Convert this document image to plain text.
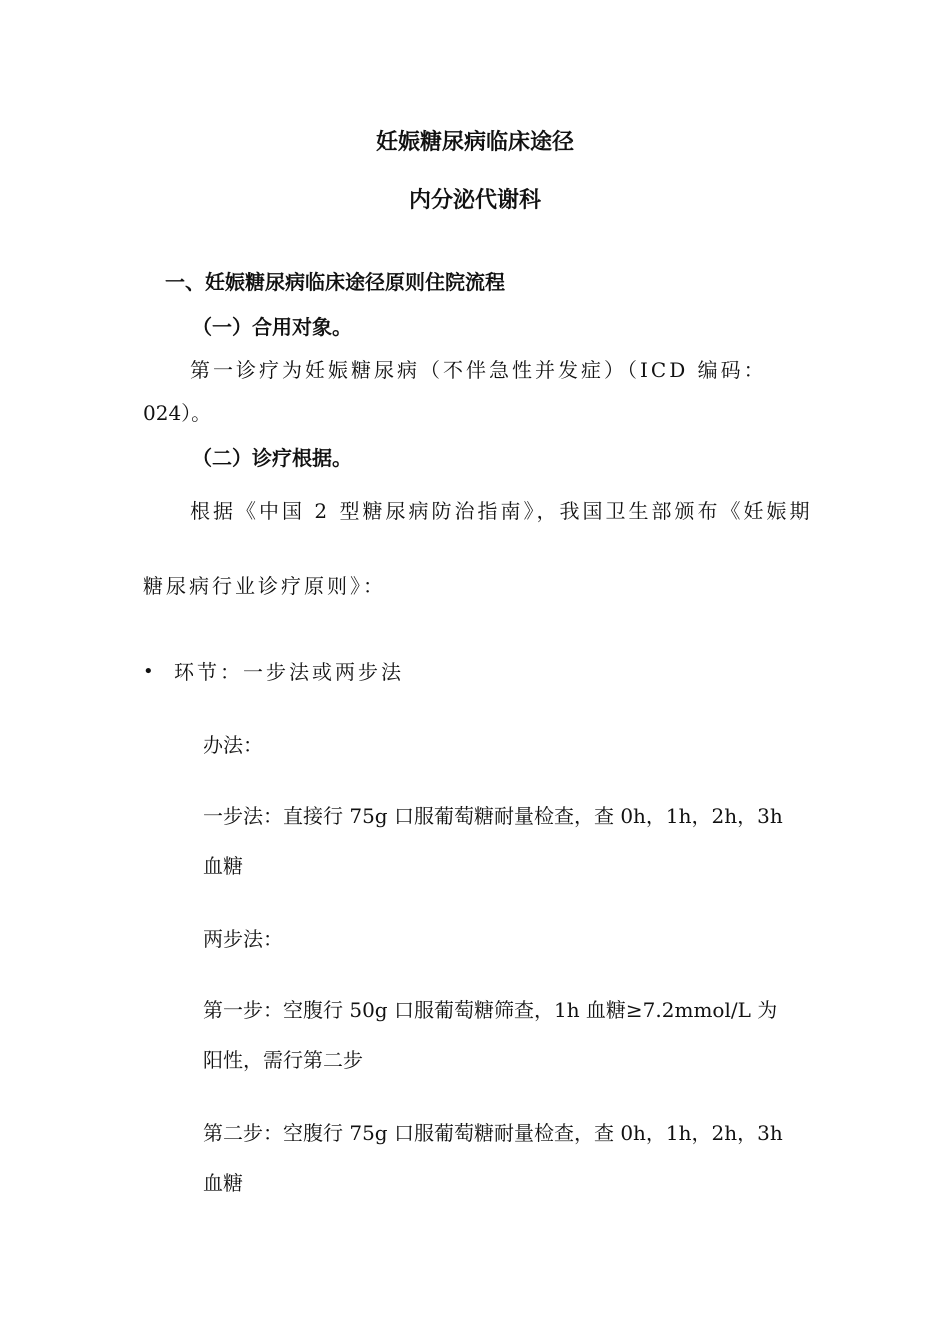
妊娠糖尿病临床途径
内分泌代谢科
一、妊娠糖尿病临床途径原则住院流程
（一）合用对象。
第一诊疗为妊娠糖尿病（不伴急性并发症）（ICD 编码：
024）。
（二）诊疗根据。
根据《中国 2 型糖尿病防治指南》，我国卫生部颁布《妊娠期
糖尿病行业诊疗原则》：
• 环节：一步法或两步法
办法：
一步法：直接行 75g 口服葡萄糖耐量检查，查 0h，1h，2h，3h
血糖
两步法：
第一步：空腹行 50g 口服葡萄糖筛查，1h 血糖≥7.2mmol/L 为
阳性，需行第二步
第二步：空腹行 75g 口服葡萄糖耐量检查，查 0h，1h，2h，3h
血糖
